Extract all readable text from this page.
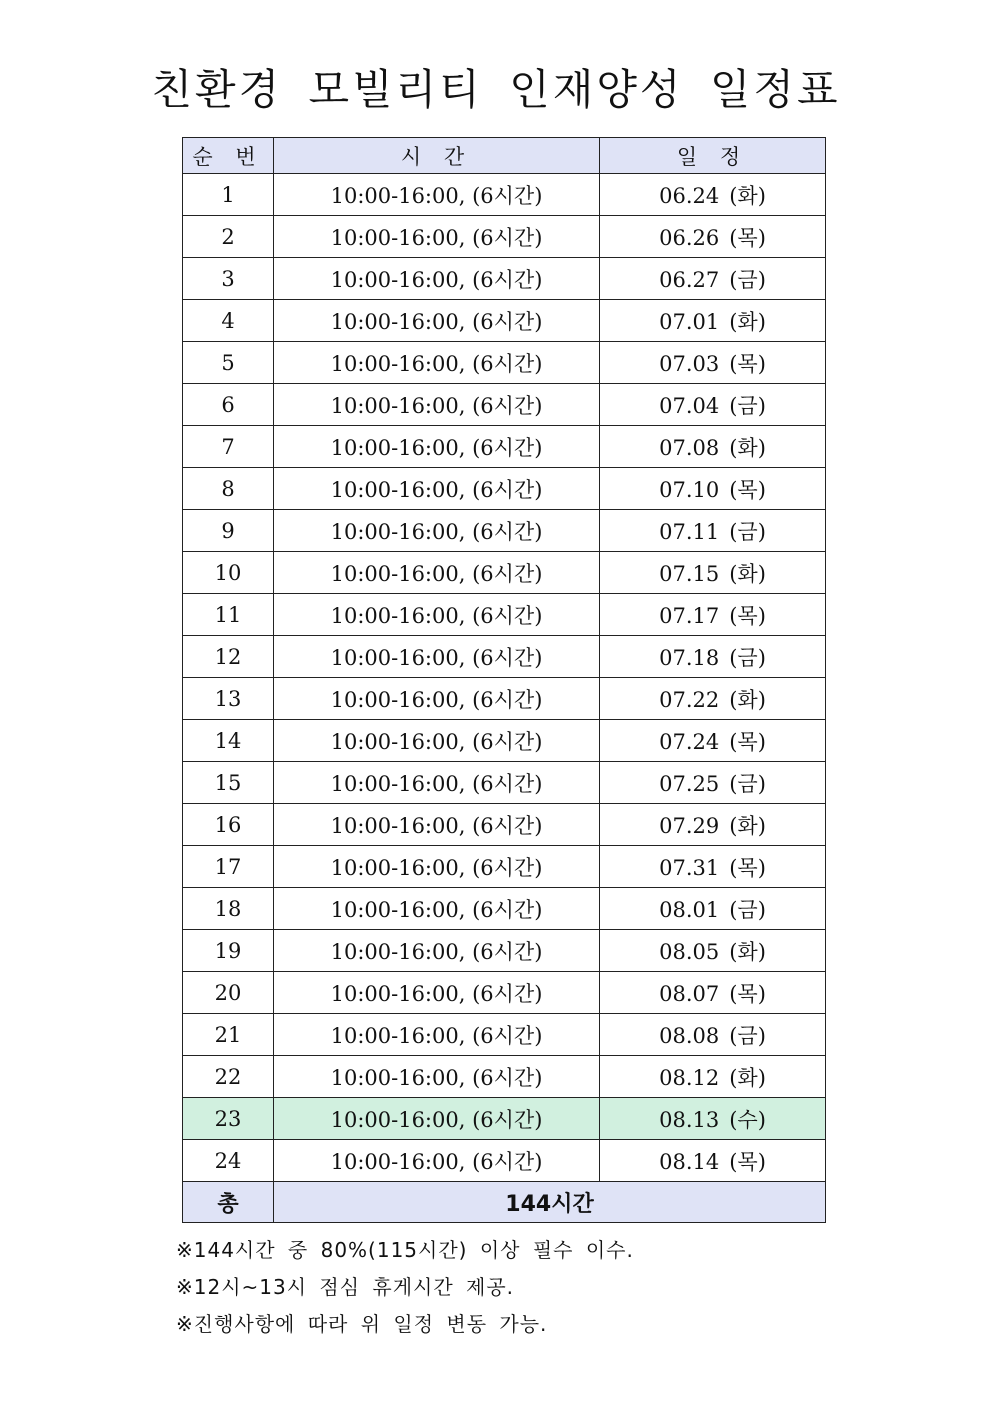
친환경 모빌리티 인재양성 일정표
순 번	시 간	일 정
1	10:00-16:00, (6시간)	06.24 (화)
2	10:00-16:00, (6시간)	06.26 (목)
3	10:00-16:00, (6시간)	06.27 (금)
4	10:00-16:00, (6시간)	07.01 (화)
5	10:00-16:00, (6시간)	07.03 (목)
6	10:00-16:00, (6시간)	07.04 (금)
7	10:00-16:00, (6시간)	07.08 (화)
8	10:00-16:00, (6시간)	07.10 (목)
9	10:00-16:00, (6시간)	07.11 (금)
10	10:00-16:00, (6시간)	07.15 (화)
11	10:00-16:00, (6시간)	07.17 (목)
12	10:00-16:00, (6시간)	07.18 (금)
13	10:00-16:00, (6시간)	07.22 (화)
14	10:00-16:00, (6시간)	07.24 (목)
15	10:00-16:00, (6시간)	07.25 (금)
16	10:00-16:00, (6시간)	07.29 (화)
17	10:00-16:00, (6시간)	07.31 (목)
18	10:00-16:00, (6시간)	08.01 (금)
19	10:00-16:00, (6시간)	08.05 (화)
20	10:00-16:00, (6시간)	08.07 (목)
21	10:00-16:00, (6시간)	08.08 (금)
22	10:00-16:00, (6시간)	08.12 (화)
23	10:00-16:00, (6시간)	08.13 (수)
24	10:00-16:00, (6시간)	08.14 (목)
총	144시간	
※144시간 중 80%(115시간) 이상 필수 이수.
※12시~13시 점심 휴게시간 제공.
※진행사항에 따라 위 일정 변동 가능.
